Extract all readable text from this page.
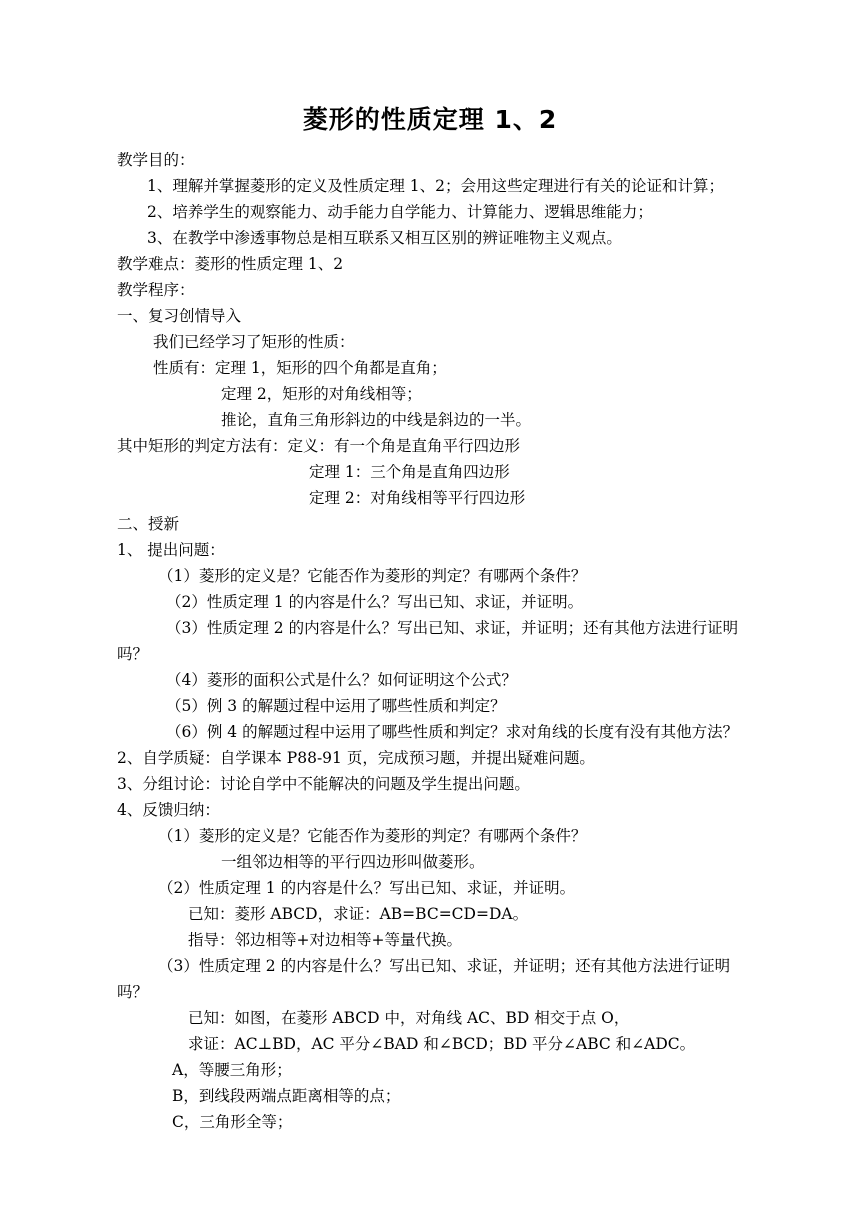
菱形的性质定理 1、2
教学目的：
1、理解并掌握菱形的定义及性质定理 1、2；会用这些定理进行有关的论证和计算；
2、培养学生的观察能力、动手能力自学能力、计算能力、逻辑思维能力；
3、在教学中渗透事物总是相互联系又相互区别的辨证唯物主义观点。
教学难点：菱形的性质定理 1、2
教学程序：
一、复习创情导入
我们已经学习了矩形的性质：
性质有：定理 1，矩形的四个角都是直角；
定理 2，矩形的对角线相等；
推论，直角三角形斜边的中线是斜边的一半。
其中矩形的判定方法有：定义：有一个角是直角平行四边形
定理 1：三个角是直角四边形
定理 2：对角线相等平行四边形
二、授新
1、 提出问题：
（1）菱形的定义是？它能否作为菱形的判定？有哪两个条件？
（2）性质定理 1 的内容是什么？写出已知、求证，并证明。
（3）性质定理 2 的内容是什么？写出已知、求证，并证明；还有其他方法进行证明
吗？
（4）菱形的面积公式是什么？如何证明这个公式？
（5）例 3 的解题过程中运用了哪些性质和判定？
（6）例 4 的解题过程中运用了哪些性质和判定？求对角线的长度有没有其他方法？
2、自学质疑：自学课本 P88-91 页，完成预习题，并提出疑难问题。
3、分组讨论：讨论自学中不能解决的问题及学生提出问题。
4、反馈归纳：
（1）菱形的定义是？它能否作为菱形的判定？有哪两个条件？
一组邻边相等的平行四边形叫做菱形。
（2）性质定理 1 的内容是什么？写出已知、求证，并证明。
已知：菱形 ABCD，求证：AB=BC=CD=DA。
指导：邻边相等+对边相等+等量代换。
（3）性质定理 2 的内容是什么？写出已知、求证，并证明；还有其他方法进行证明
吗？
已知：如图，在菱形 ABCD 中，对角线 AC、BD 相交于点 O，
求证：AC⊥BD，AC 平分∠BAD 和∠BCD；BD 平分∠ABC 和∠ADC。
A，等腰三角形；
B，到线段两端点距离相等的点；
C，三角形全等；
